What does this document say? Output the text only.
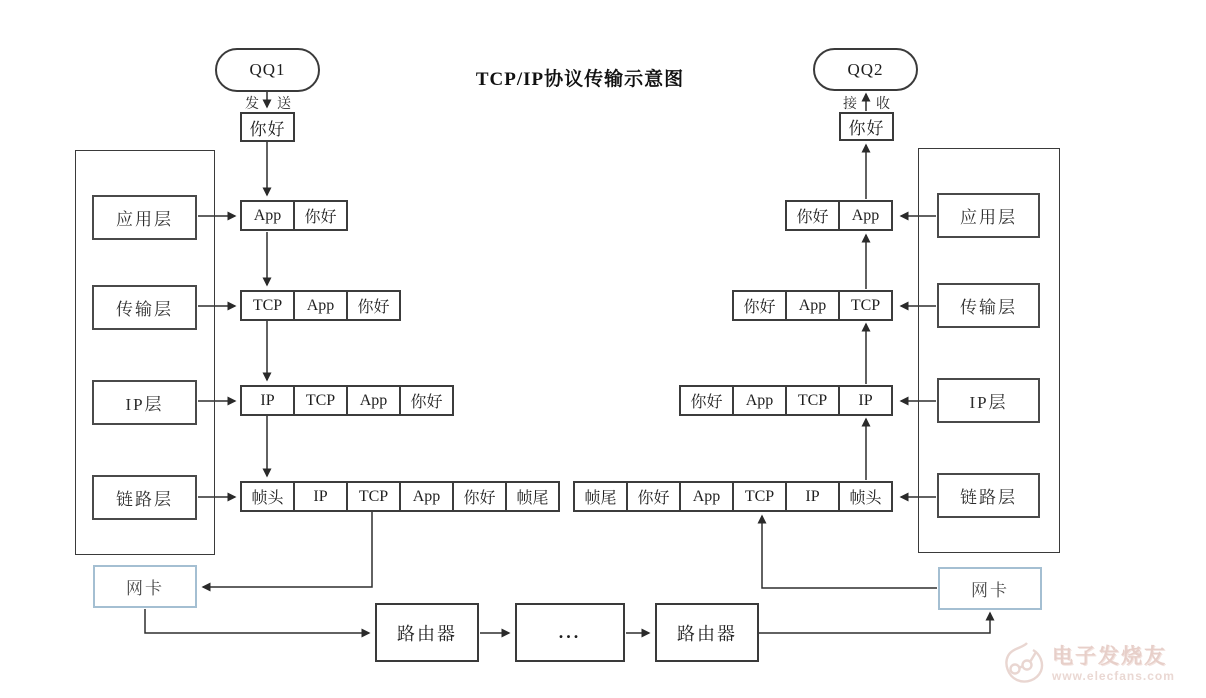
TCP/IP协议传输示意图
QQ1
发 送
你好
QQ2
接 收
你好
应用层
传输层
IP层
链路层
应用层
传输层
IP层
链路层
App	你好
TCP	App	你好
IP	TCP	App	你好
帧头	IP	TCP	App	你好	帧尾
你好	App
你好	App	TCP
你好	App	TCP	IP
帧尾	你好	App	TCP	IP	帧头
网卡	网卡
路由器	...	路由器
电子发烧友
www.elecfans.com
